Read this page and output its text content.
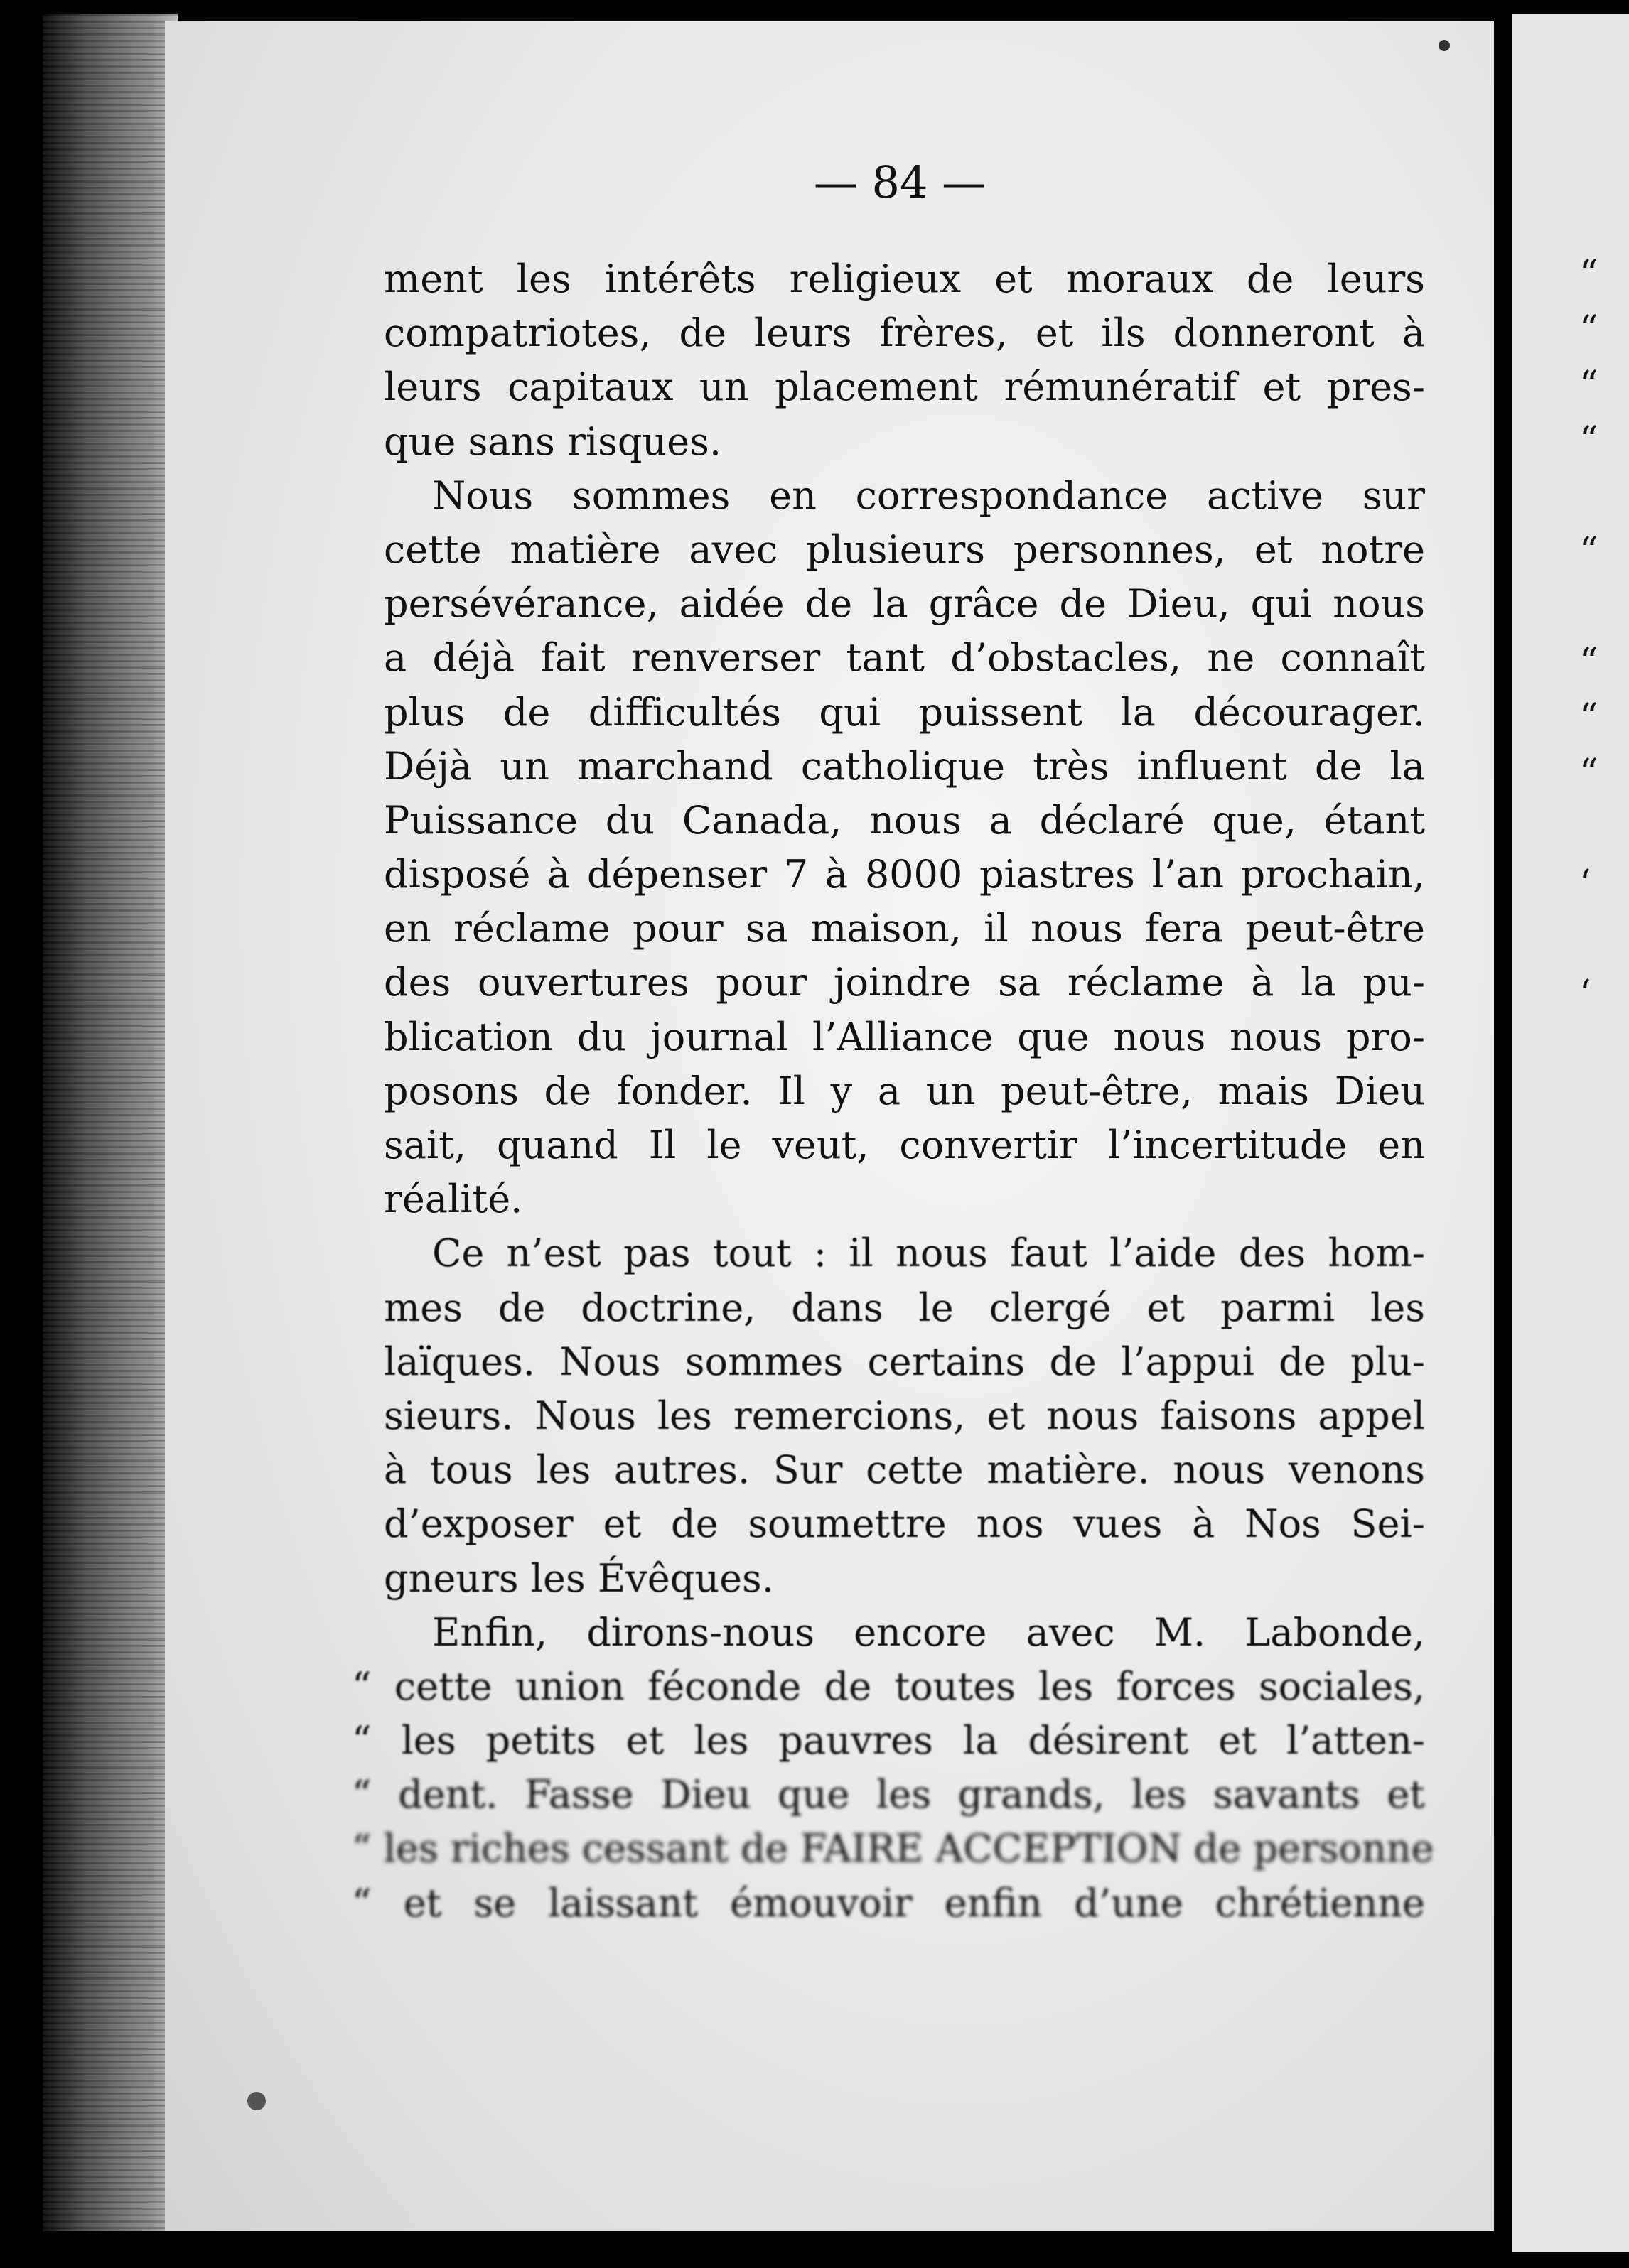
“
“
“
“
“
“
“
“
‘
‘
— 84 —
ment les intérêts religieux et moraux de leurs
compatriotes, de leurs frères, et ils donneront à
leurs capitaux un placement rémunératif et pres-
que sans risques.
Nous sommes en correspondance active sur
cette matière avec plusieurs personnes, et notre
persévérance, aidée de la grâce de Dieu, qui nous
a déjà fait renverser tant d’obstacles, ne connaît
plus de difficultés qui puissent la décourager.
Déjà un marchand catholique très influent de la
Puissance du Canada, nous a déclaré que, étant
disposé à dépenser 7 à 8000 piastres l’an prochain,
en réclame pour sa maison, il nous fera peut-être
des ouvertures pour joindre sa réclame à la pu-
blication du journal l’Alliance que nous nous pro-
posons de fonder. Il y a un peut-être, mais Dieu
sait, quand Il le veut, convertir l’incertitude en
réalité.
Ce n’est pas tout : il nous faut l’aide des hom-
mes de doctrine, dans le clergé et parmi les
laïques. Nous sommes certains de l’appui de plu-
sieurs. Nous les remercions, et nous faisons appel
à tous les autres. Sur cette matière. nous venons
d’exposer et de soumettre nos vues à Nos Sei-
gneurs les Évêques.
Enfin, dirons-nous encore avec M. Labonde,
“ cette union féconde de toutes les forces sociales,
“ les petits et les pauvres la désirent et l’atten-
“ dent. Fasse Dieu que les grands, les savants et
“ les riches cessant de FAIRE ACCEPTION de personne
“ et se laissant émouvoir enfin d’une chrétienne
